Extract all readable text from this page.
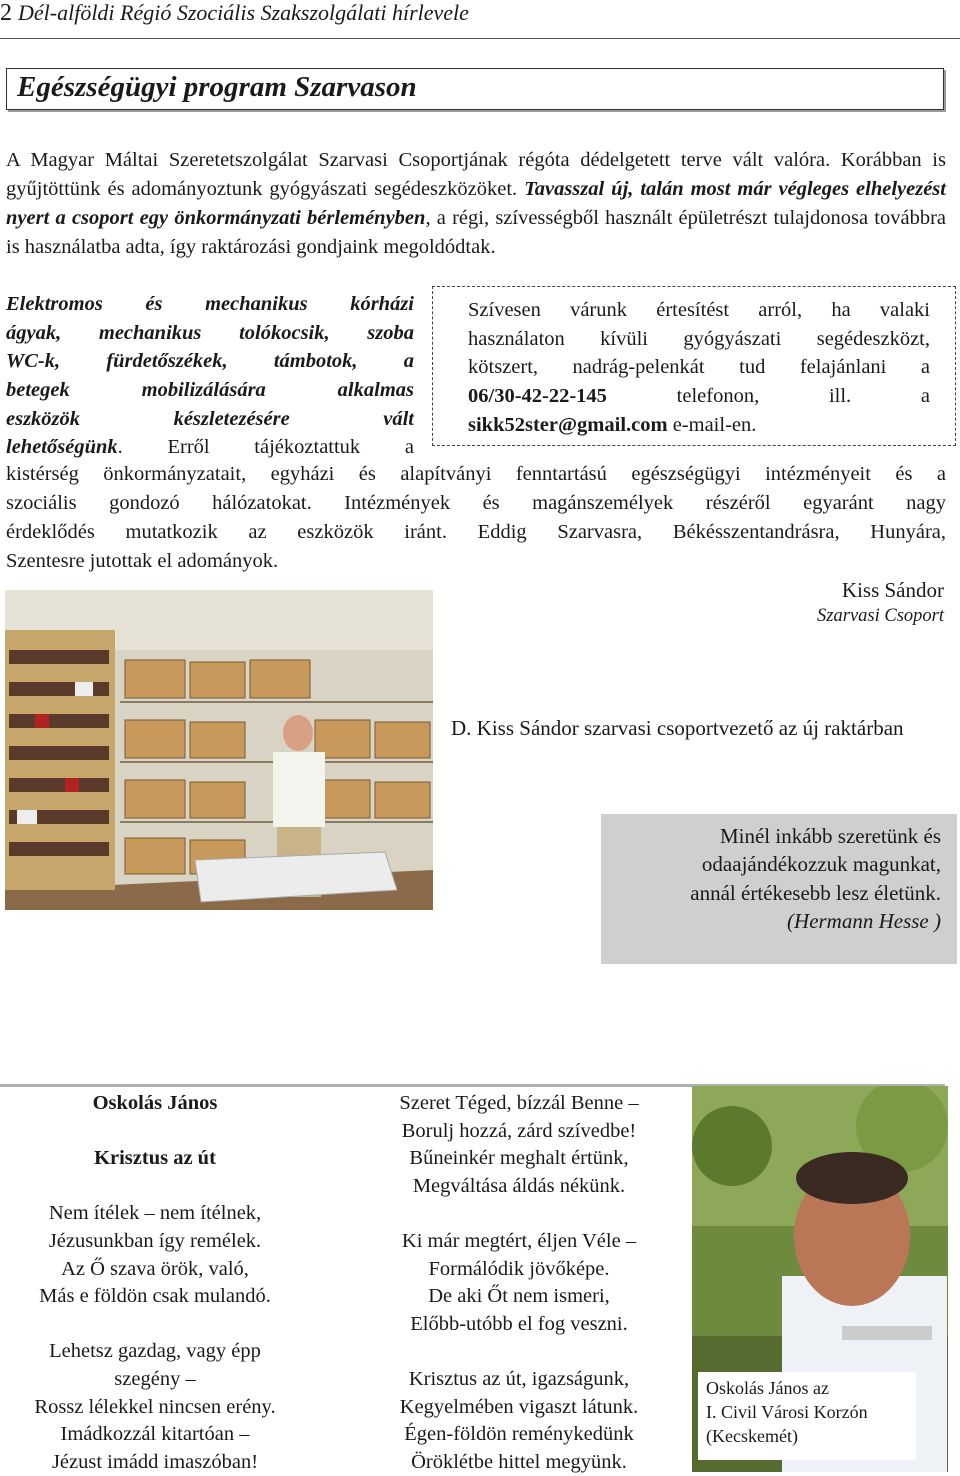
2 Dél-alföldi Régió Szociális Szakszolgálati hírlevele
Egészségügyi program Szarvason
A Magyar Máltai Szeretetszolgálat Szarvasi Csoportjának régóta dédelgetett terve vált valóra. Korábban is gyűjtöttünk és adományoztunk gyógyászati segédeszközöket. Tavasszal új, talán most már végleges elhelyezést nyert a csoport egy önkormányzati bérleményben, a régi, szívességből használt épületrészt tulajdonosa továbbra is használatba adta, így raktározási gondjaink megoldódtak.
Elektromos és mechanikus kórházi
ágyak, mechanikus tolókocsik, szoba
WC-k, fürdetőszékek, támbotok, a
betegek mobilizálására alkalmas
eszközök készletezésére vált
lehetőségünk. Erről tájékoztattuk a
Szívesen várunk értesítést arról, ha valaki
használaton kívüli gyógyászati segédeszközt,
kötszert, nadrág-pelenkát tud felajánlani a
06/30-42-22-145	telefonon, ill. a
sikk52ster@gmail.com e-mail-en.
kistérség önkormányzatait, egyházi és alapítványi fenntartású egészségügyi intézményeit és a
szociális gondozó hálózatokat. Intézmények és magánszemélyek részéről egyaránt nagy
érdeklődés mutatkozik az eszközök iránt. Eddig Szarvasra, Békésszentandrásra, Hunyára,
Szentesre jutottak el adományok.
Kiss Sándor
Szarvasi Csoport
D. Kiss Sándor szarvasi csoportvezető az új raktárban
Minél inkább szeretünk és
odaajándékozzuk magunkat,
annál értékesebb lesz életünk.
(Hermann Hesse )
Oskolás János
Krisztus az út
Nem ítélek – nem ítélnek,
Jézusunkban így remélek.
Az Ő szava örök, való,
Más e földön csak mulandó.
Lehetsz gazdag, vagy épp
szegény –
Rossz lélekkel nincsen erény.
Imádkozzál kitartóan –
Jézust imádd imaszóban!
Szeret Téged, bízzál Benne –
Borulj hozzá, zárd szívedbe!
Bűneinkér meghalt értünk,
Megváltása áldás nékünk.
Ki már megtért, éljen Véle –
Formálódik jövőképe.
De aki Őt nem ismeri,
Előbb-utóbb el fog veszni.
Krisztus az út, igazságunk,
Kegyelmében vigaszt látunk.
Égen-földön reménykedünk
Öröklétbe hittel megyünk.
Oskolás János az
I. Civil Városi Korzón
(Kecskemét)
